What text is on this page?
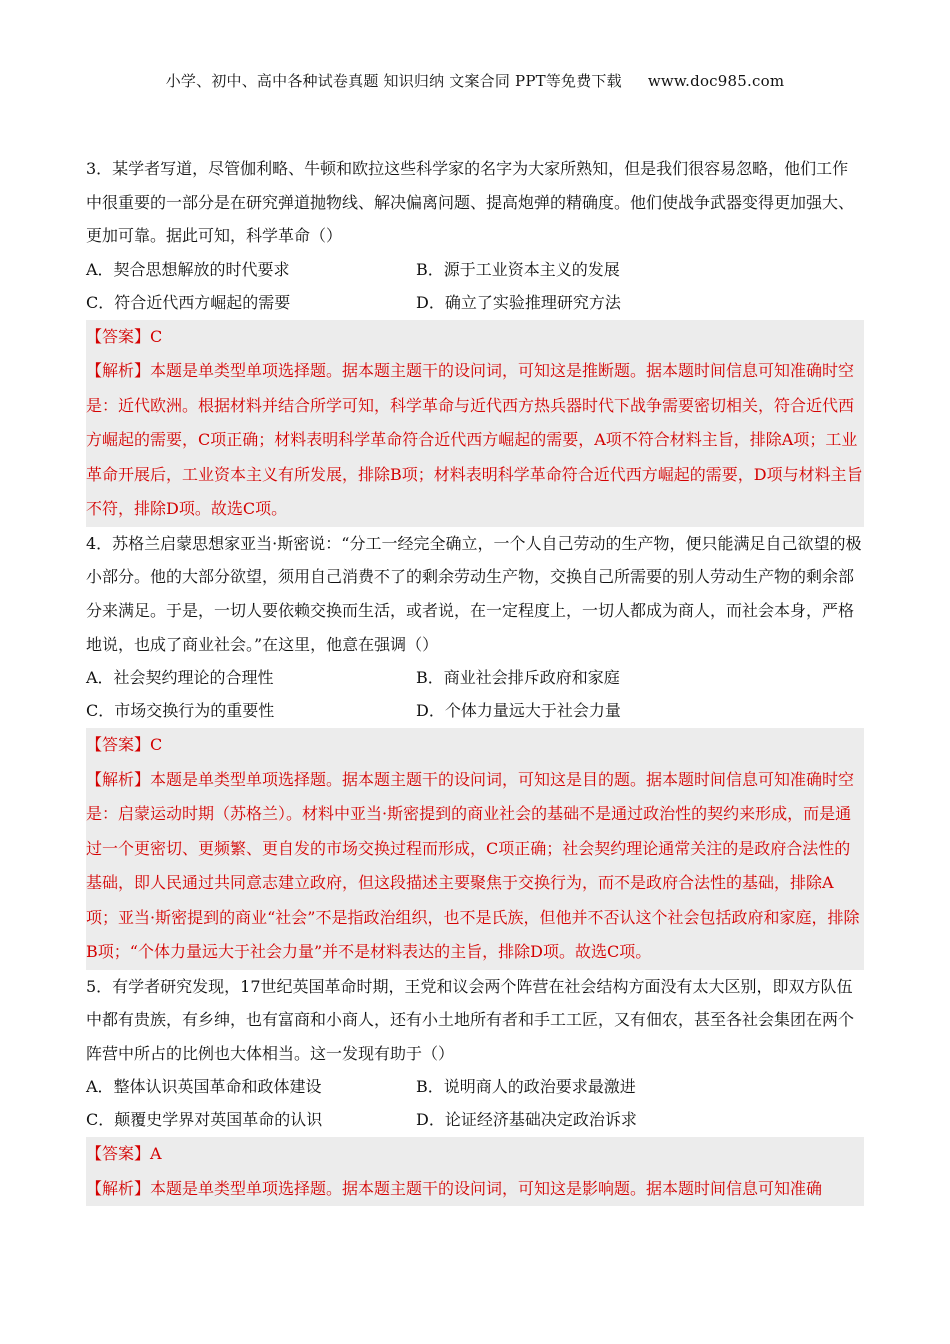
小学、初中、高中各种试卷真题 知识归纳 文案合同 PPT等免费下载 www.doc985.com

3．某学者写道，尽管伽利略、牛顿和欧拉这些科学家的名字为大家所熟知，但是我们很容易忽略，他们工作中很重要的一部分是在研究弹道抛物线、解决偏离问题、提高炮弹的精确度。他们使战争武器变得更加强大、更加可靠。据此可知，科学革命（）

A．契合思想解放的时代要求	B．源于工业资本主义的发展
C．符合近代西方崛起的需要	D．确立了实验推理研究方法
【答案】C

【解析】本题是单类型单项选择题。据本题主题干的设问词，可知这是推断题。据本题时间信息可知准确时空是：近代欧洲。根据材料并结合所学可知，科学革命与近代西方热兵器时代下战争需要密切相关，符合近代西方崛起的需要，C项正确；材料表明科学革命符合近代西方崛起的需要，A项不符合材料主旨，排除A项；工业革命开展后，工业资本主义有所发展，排除B项；材料表明科学革命符合近代西方崛起的需要，D项与材料主旨不符，排除D项。故选C项。

4．苏格兰启蒙思想家亚当·斯密说：“分工一经完全确立，一个人自己劳动的生产物，便只能满足自己欲望的极小部分。他的大部分欲望，须用自己消费不了的剩余劳动生产物，交换自己所需要的别人劳动生产物的剩余部分来满足。于是，一切人要依赖交换而生活，或者说，在一定程度上，一切人都成为商人，而社会本身，严格地说，也成了商业社会。”在这里，他意在强调（）

A．社会契约理论的合理性	B．商业社会排斥政府和家庭
C．市场交换行为的重要性	D．个体力量远大于社会力量
【答案】C

【解析】本题是单类型单项选择题。据本题主题干的设问词，可知这是目的题。据本题时间信息可知准确时空是：启蒙运动时期（苏格兰）。材料中亚当·斯密提到的商业社会的基础不是通过政治性的契约来形成，而是通过一个更密切、更频繁、更自发的市场交换过程而形成，C项正确；社会契约理论通常关注的是政府合法性的基础，即人民通过共同意志建立政府，但这段描述主要聚焦于交换行为，而不是政府合法性的基础，排除A项；亚当·斯密提到的商业“社会”不是指政治组织，也不是氏族，但他并不否认这个社会包括政府和家庭，排除B项；“个体力量远大于社会力量”并不是材料表达的主旨，排除D项。故选C项。

5．有学者研究发现，17世纪英国革命时期，王党和议会两个阵营在社会结构方面没有太大区别，即双方队伍中都有贵族，有乡绅，也有富商和小商人，还有小土地所有者和手工工匠，又有佃农，甚至各社会集团在两个阵营中所占的比例也大体相当。这一发现有助于（）

A．整体认识英国革命和政体建设	B．说明商人的政治要求最激进
C．颠覆史学界对英国革命的认识	D．论证经济基础决定政治诉求
【答案】A

【解析】本题是单类型单项选择题。据本题主题干的设问词，可知这是影响题。据本题时间信息可知准确
